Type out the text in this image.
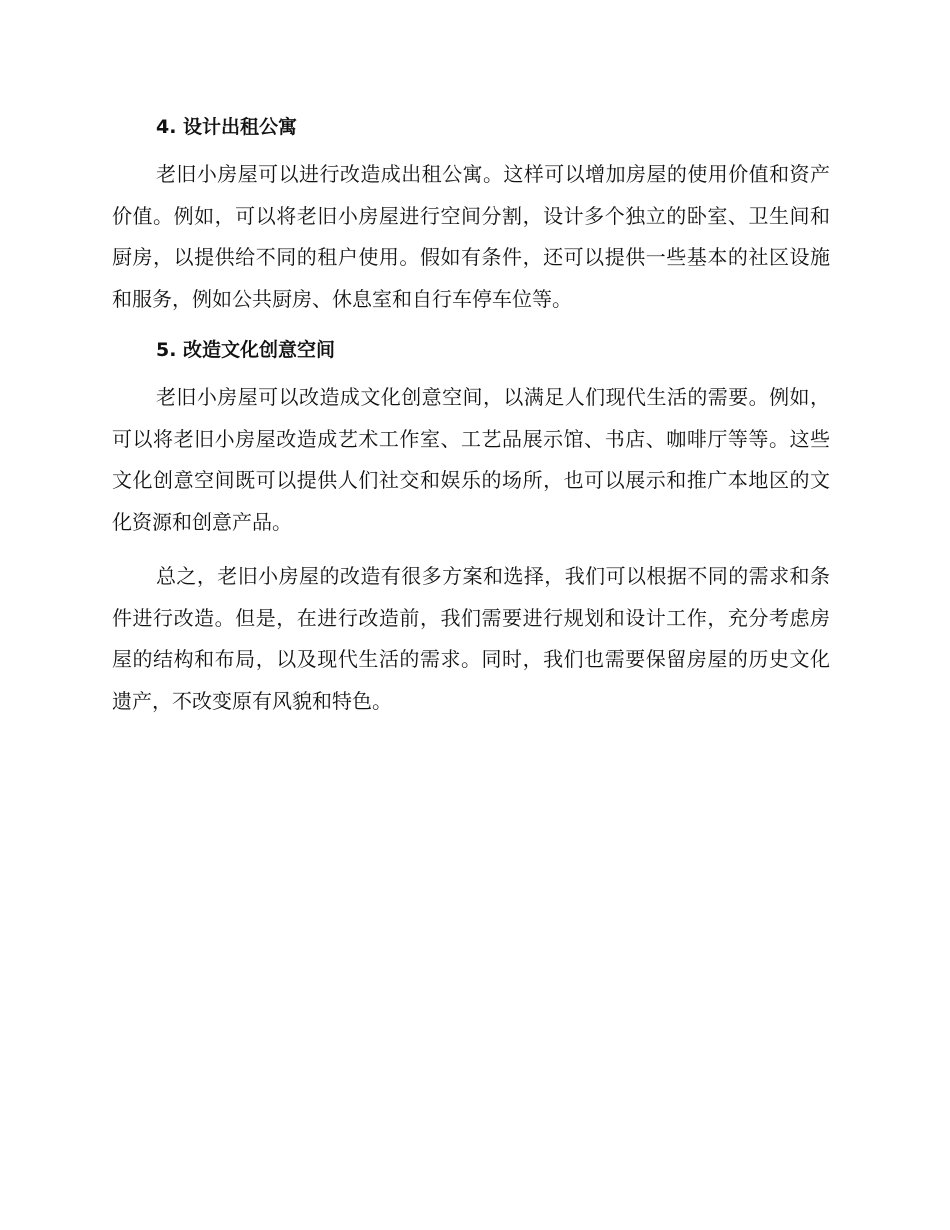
4. 设计出租公寓

老旧小房屋可以进行改造成出租公寓。这样可以增加房屋的使用价值和资产价值。例如，可以将老旧小房屋进行空间分割，设计多个独立的卧室、卫生间和厨房，以提供给不同的租户使用。假如有条件，还可以提供一些基本的社区设施和服务，例如公共厨房、休息室和自行车停车位等。

5. 改造文化创意空间

老旧小房屋可以改造成文化创意空间，以满足人们现代生活的需要。例如，可以将老旧小房屋改造成艺术工作室、工艺品展示馆、书店、咖啡厅等等。这些文化创意空间既可以提供人们社交和娱乐的场所，也可以展示和推广本地区的文化资源和创意产品。

总之，老旧小房屋的改造有很多方案和选择，我们可以根据不同的需求和条件进行改造。但是，在进行改造前，我们需要进行规划和设计工作，充分考虑房屋的结构和布局，以及现代生活的需求。同时，我们也需要保留房屋的历史文化遗产，不改变原有风貌和特色。
